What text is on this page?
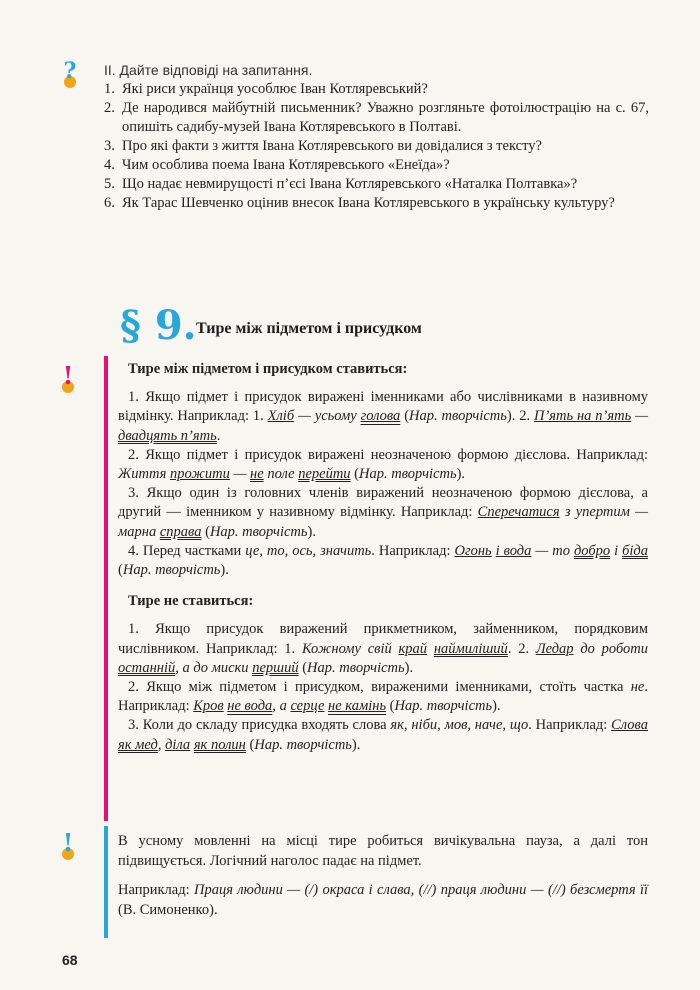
? ІІ. Дайте відповіді на запитання.
1. Які риси українця уособлює Іван Котляревський?
2. Де народився майбутній письменник? Уважно розгляньте фотоілюстрацію на с. 67, опишіть садибу-музей Івана Котляревського в Полтаві.
3. Про які факти з життя Івана Котляревського ви довідалися з тексту?
4. Чим особлива поема Івана Котляревського «Енеїда»?
5. Що надає невмирущості п’єсі Івана Котляревського «Наталка Полтавка»?
6. Як Тарас Шевченко оцінив внесок Івана Котляревського в українську культуру?
§ 9. Тире між підметом і присудком
!	Тире між підметом і присудком ставиться:

1. Якщо підмет і присудок виражені іменниками або числівниками в називному відмінку. Наприклад: 1. Хліб — усьому голова (Нар. творчість). 2. П’ять на п’ять — двадцять п’ять.

2. Якщо підмет і присудок виражені неозначеною формою дієслова. Наприклад: Життя прожити — не поле перейти (Нар. творчість).

3. Якщо один із головних членів виражений неозначеною формою дієслова, а другий — іменником у називному відмінку. Наприклад: Сперечатися з упертим — марна справа (Нар. творчість).

4. Перед частками це, то, ось, значить. Наприклад: Огонь і вода — то добро і біда (Нар. творчість).

Тире не ставиться:

1. Якщо присудок виражений прикметником, займенником, порядковим числівником. Наприклад: 1. Кожному свій край наймиліший. 2. Ледар до роботи останній, а до миски перший (Нар. творчість).

2. Якщо між підметом і присудком, вираженими іменниками, стоїть частка не. Наприклад: Кров не вода, а серце не камінь (Нар. творчість).

3. Коли до складу присудка входять слова як, ніби, мов, наче, що. Наприклад: Слова як мед, діла як полин (Нар. творчість).

!	В усному мовленні на місці тире робиться вичікувальна пауза, а далі тон підвищується. Логічний наголос падає на підмет.

Наприклад: Праця людини — (/) окраса і слава, (//) праця людини — (//) безсмертя її (В. Симоненко).

68
